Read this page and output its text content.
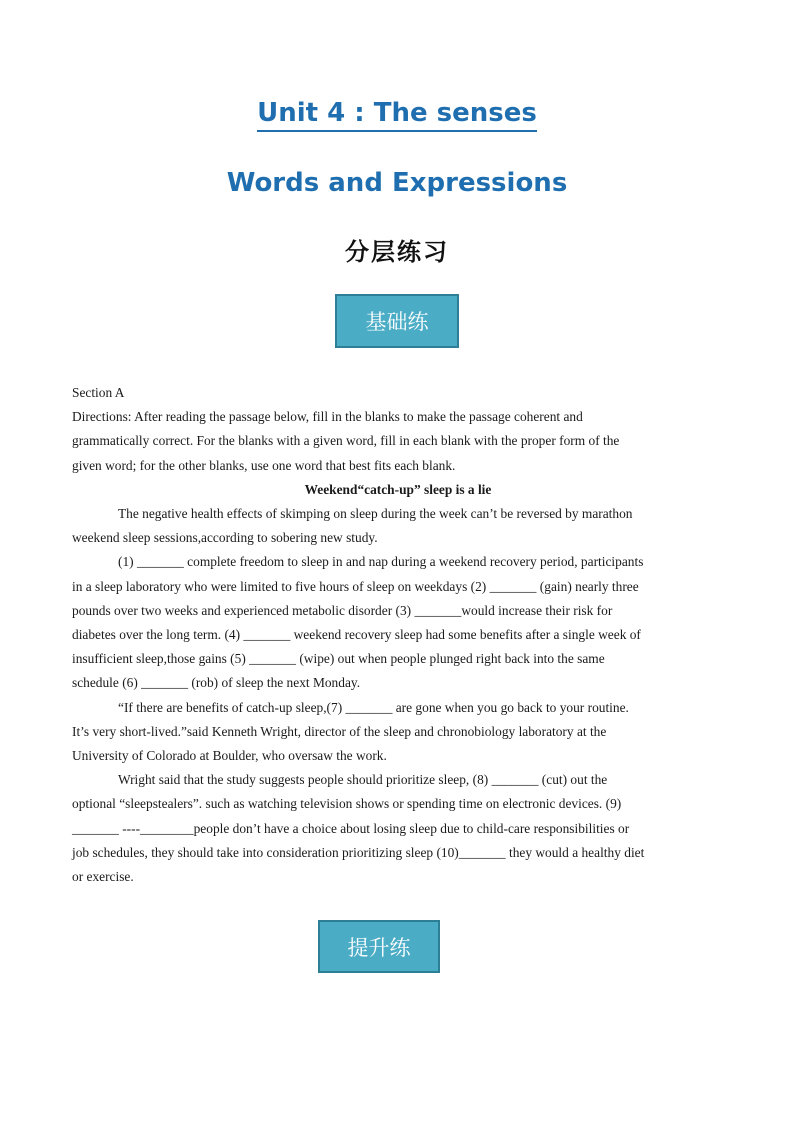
Unit 4 : The senses
Words and Expressions
分层练习
基础练

Section A

Directions: After reading the passage below, fill in the blanks to make the passage coherent and
grammatically correct. For the blanks with a given word, fill in each blank with the proper form of the
given word; for the other blanks, use one word that best fits each blank.

Weekend“catch-up” sleep is a lie

The negative health effects of skimping on sleep during the week can’t be reversed by marathon
weekend sleep sessions,according to sobering new study.

(1) _______ complete freedom to sleep in and nap during a weekend recovery period, participants
in a sleep laboratory who were limited to five hours of sleep on weekdays (2) _______ (gain) nearly three
pounds over two weeks and experienced metabolic disorder (3) _______would increase their risk for
diabetes over the long term. (4) _______ weekend recovery sleep had some benefits after a single week of
insufficient sleep,those gains (5) _______ (wipe) out when people plunged right back into the same
schedule (6) _______ (rob) of sleep the next Monday.

“If there are benefits of catch-up sleep,(7) _______ are gone when you go back to your routine.
It’s very short-lived.”said Kenneth Wright, director of the sleep and chronobiology laboratory at the
University of Colorado at Boulder, who oversaw the work.

Wright said that the study suggests people should prioritize sleep, (8) _______ (cut) out the
optional “sleepstealers”. such as watching television shows or spending time on electronic devices. (9)
_______ ----________people don’t have a choice about losing sleep due to child-care responsibilities or
job schedules, they should take into consideration prioritizing sleep (10)_______ they would a healthy diet
or exercise.

提升练
